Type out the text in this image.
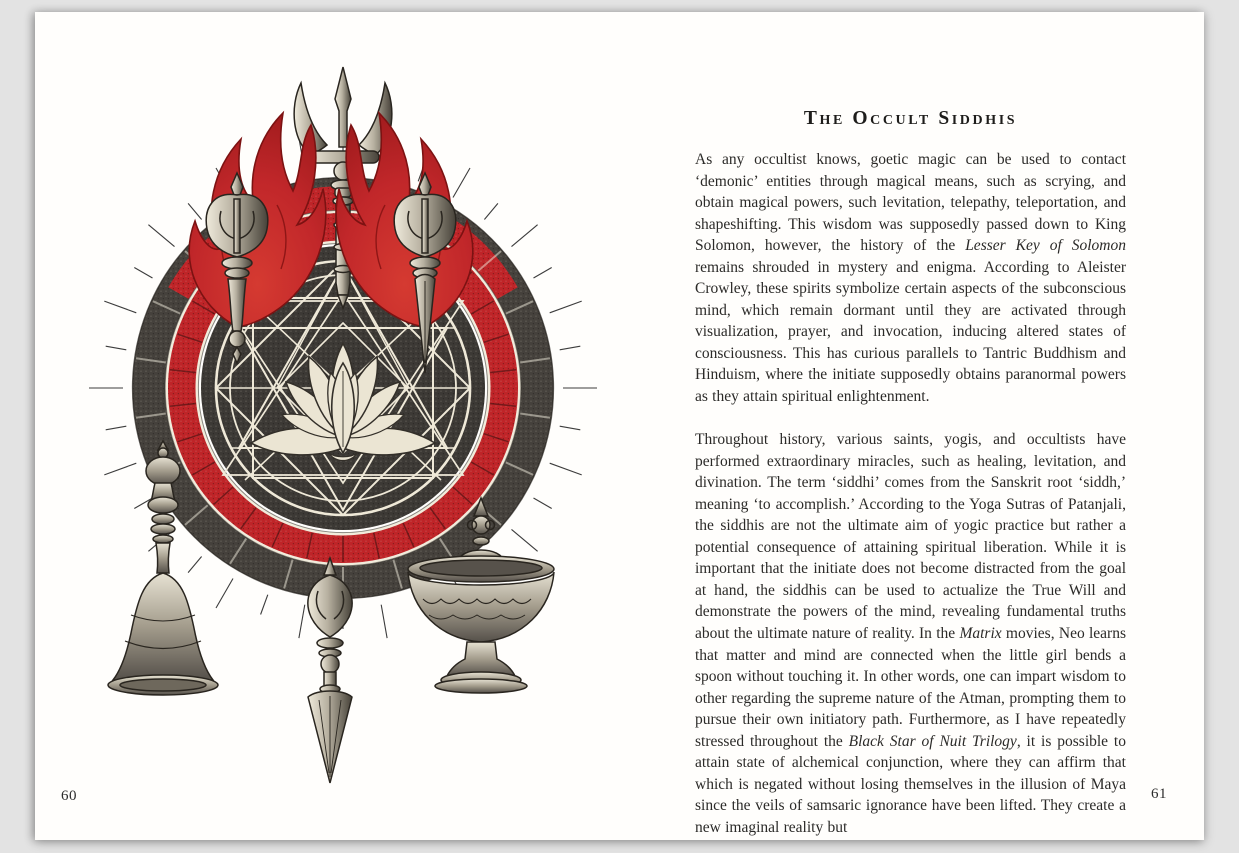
60
The Occult Siddhis

As any occultist knows, goetic magic can be used to contact ‘demonic’ entities through magical means, such as scrying, and obtain magical powers, such levitation, telepathy, teleportation, and shapeshifting. This wisdom was supposedly passed down to King Solomon, however, the history of the Lesser Key of Solomon remains shrouded in mystery and enigma. According to Aleister Crowley, these spirits symbolize certain aspects of the subconscious mind, which remain dormant until they are activated through visualization, prayer, and invocation, inducing altered states of consciousness. This has curious parallels to Tantric Buddhism and Hinduism, where the initiate supposedly obtains paranormal powers as they attain spiritual enlightenment.

Throughout history, various saints, yogis, and occultists have performed extraordinary miracles, such as healing, levitation, and divination. The term ‘siddhi’ comes from the Sanskrit root ‘siddh,’ meaning ‘to accomplish.’ According to the Yoga Sutras of Patanjali, the siddhis are not the ultimate aim of yogic practice but rather a potential consequence of attaining spiritual liberation. While it is important that the initiate does not become distracted from the goal at hand, the siddhis can be used to actualize the True Will and demonstrate the powers of the mind, revealing fundamental truths about the ultimate nature of reality. In the Matrix movies, Neo learns that matter and mind are connected when the little girl bends a spoon without touching it. In other words, one can impart wisdom to other regarding the supreme nature of the Atman, prompting them to pursue their own initiatory path. Furthermore, as I have repeatedly stressed throughout the Black Star of Nuit Trilogy, it is possible to attain state of alchemical conjunction, where they can affirm that which is negated without losing themselves in the illusion of Maya since the veils of samsaric ignorance have been lifted. They create a new imaginal reality but

61
